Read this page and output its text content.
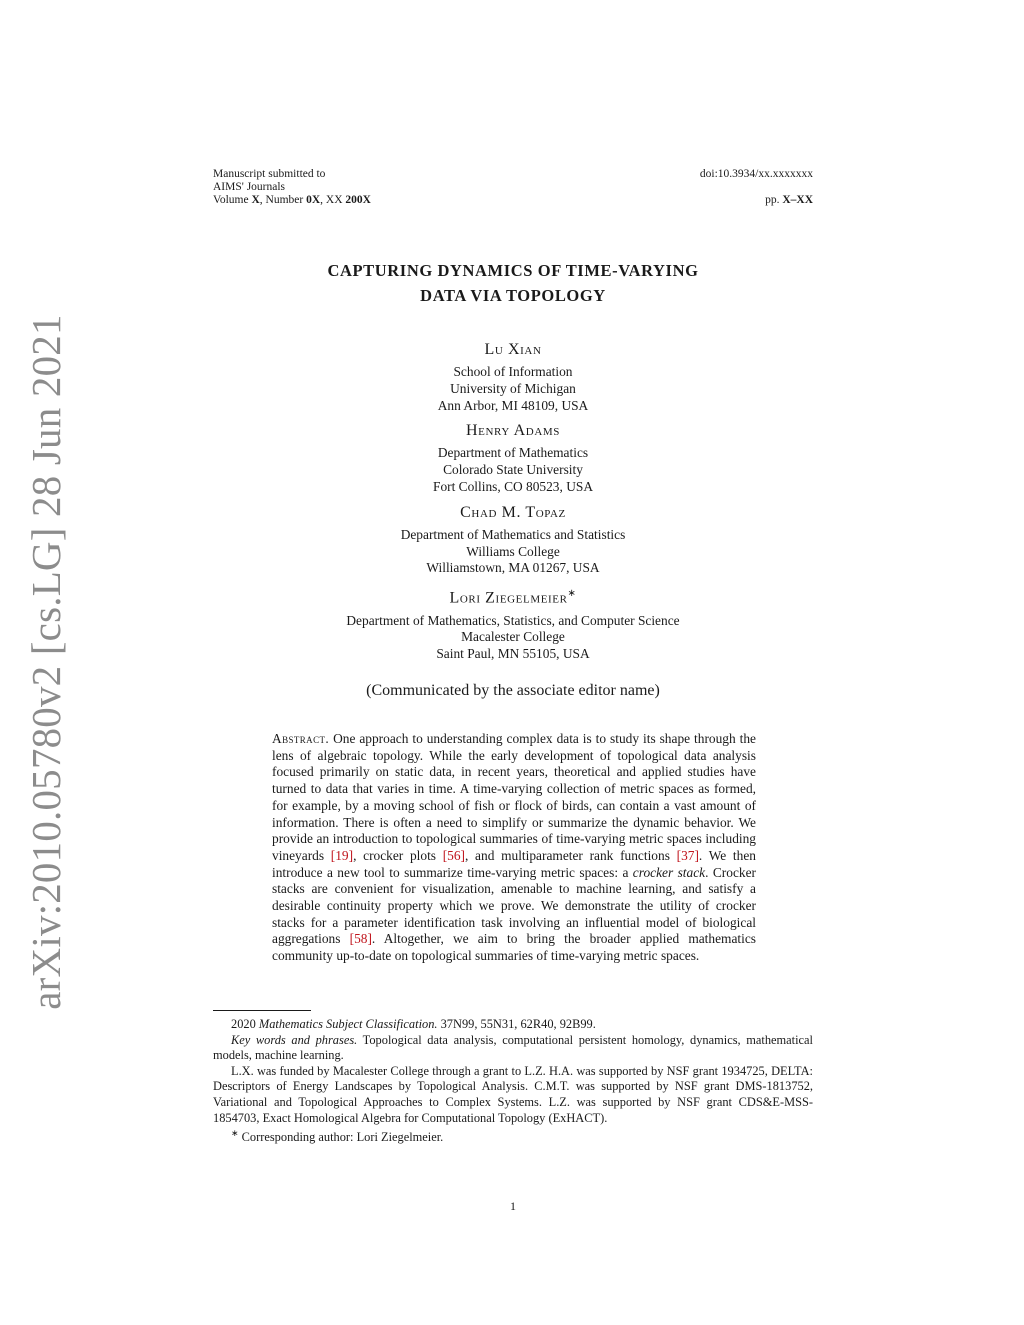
arXiv:2010.05780v2 [cs.LG] 28 Jun 2021
Manuscript submitted to
AIMS' Journals
Volume X, Number 0X, XX 200X
doi:10.3934/xx.xxxxxxx
pp. X–XX
CAPTURING DYNAMICS OF TIME-VARYING
DATA VIA TOPOLOGY
Lu Xian
School of Information
University of Michigan
Ann Arbor, MI 48109, USA
Henry Adams
Department of Mathematics
Colorado State University
Fort Collins, CO 80523, USA
Chad M. Topaz
Department of Mathematics and Statistics
Williams College
Williamstown, MA 01267, USA
Lori Ziegelmeier∗
Department of Mathematics, Statistics, and Computer Science
Macalester College
Saint Paul, MN 55105, USA
(Communicated by the associate editor name)
Abstract. One approach to understanding complex data is to study its shape through the lens of algebraic topology. While the early development of topological data analysis focused primarily on static data, in recent years, theoretical and applied studies have turned to data that varies in time. A time-varying collection of metric spaces as formed, for example, by a moving school of fish or flock of birds, can contain a vast amount of information. There is often a need to simplify or summarize the dynamic behavior. We provide an introduction to topological summaries of time-varying metric spaces including vineyards [19], crocker plots [56], and multiparameter rank functions [37]. We then introduce a new tool to summarize time-varying metric spaces: a crocker stack. Crocker stacks are convenient for visualization, amenable to machine learning, and satisfy a desirable continuity property which we prove. We demonstrate the utility of crocker stacks for a parameter identification task involving an influential model of biological aggregations [58]. Altogether, we aim to bring the broader applied mathematics community up-to-date on topological summaries of time-varying metric spaces.

2020 Mathematics Subject Classification. 37N99, 55N31, 62R40, 92B99.

Key words and phrases. Topological data analysis, computational persistent homology, dynamics, mathematical models, machine learning.

L.X. was funded by Macalester College through a grant to L.Z. H.A. was supported by NSF grant 1934725, DELTA: Descriptors of Energy Landscapes by Topological Analysis. C.M.T. was supported by NSF grant DMS-1813752, Variational and Topological Approaches to Complex Systems. L.Z. was supported by NSF grant CDS&E-MSS-1854703, Exact Homological Algebra for Computational Topology (ExHACT).

∗ Corresponding author: Lori Ziegelmeier.

1
